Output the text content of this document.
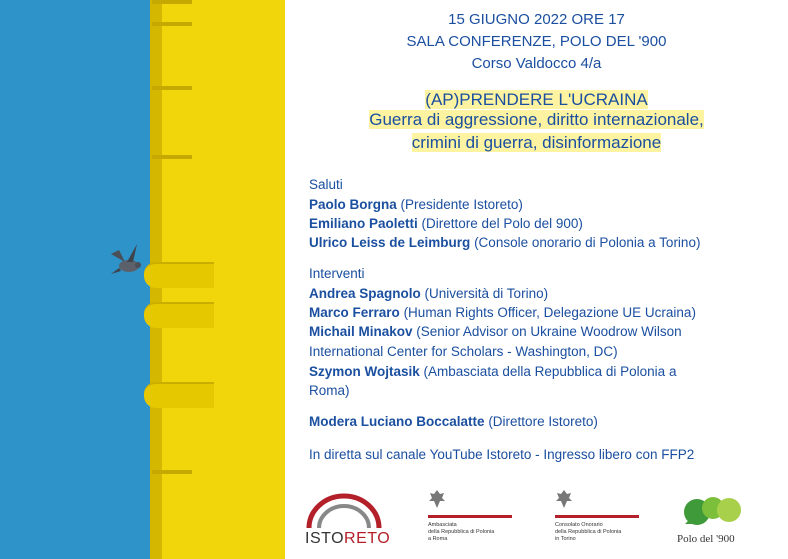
15 GIUGNO 2022 ORE 17
SALA CONFERENZE, POLO DEL '900
Corso Valdocco 4/a
(AP)PRENDERE L'UCRAINA
Guerra di aggressione, diritto internazionale,
crimini di guerra, disinformazione
Saluti
Paolo Borgna (Presidente Istoreto)
Emiliano Paoletti (Direttore del Polo del 900)
Ulrico Leiss de Leimburg (Console onorario di Polonia a Torino)
Interventi
Andrea Spagnolo (Università di Torino)
Marco Ferraro (Human Rights Officer, Delegazione UE Ucraina)
Michail Minakov (Senior Advisor on Ukraine Woodrow Wilson
International Center for Scholars - Washington, DC)
Szymon Wojtasik (Ambasciata della Repubblica di Polonia a
Roma)
Modera Luciano Boccalatte (Direttore Istoreto)
In diretta sul canale YouTube Istoreto - Ingresso libero con FFP2
ISTORETO
Ambasciata
della Repubblica di Polonia
a Roma
Consolato Onorario
della Repubblica di Polonia
in Torino	Polo del '900
